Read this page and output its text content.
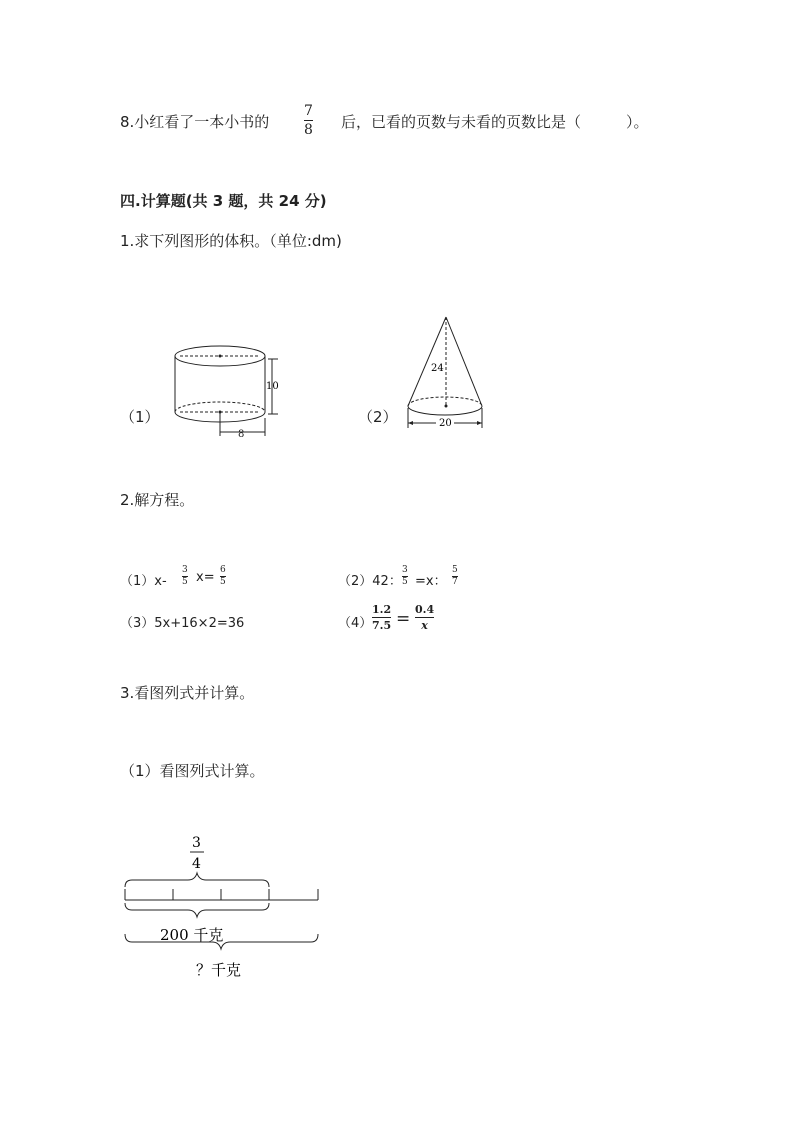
8.小红看了一本小书的
7
8 后，已看的页数与未看的页数比是（　　　）。
四.计算题(共 3 题，共 24 分)
1.求下列图形的体积。（单位:dm)
（1）
10
8
（2）
24
20
2.解方程。
（1）x-
3
5 x= 6
5	（2）42：
3
5 =x：
5
7
（3）5x+16×2=36	（4）
1.2
7.5 = 0.4
x
3.看图列式并计算。
（1）看图列式计算。
3
4
200 千克
？千克
